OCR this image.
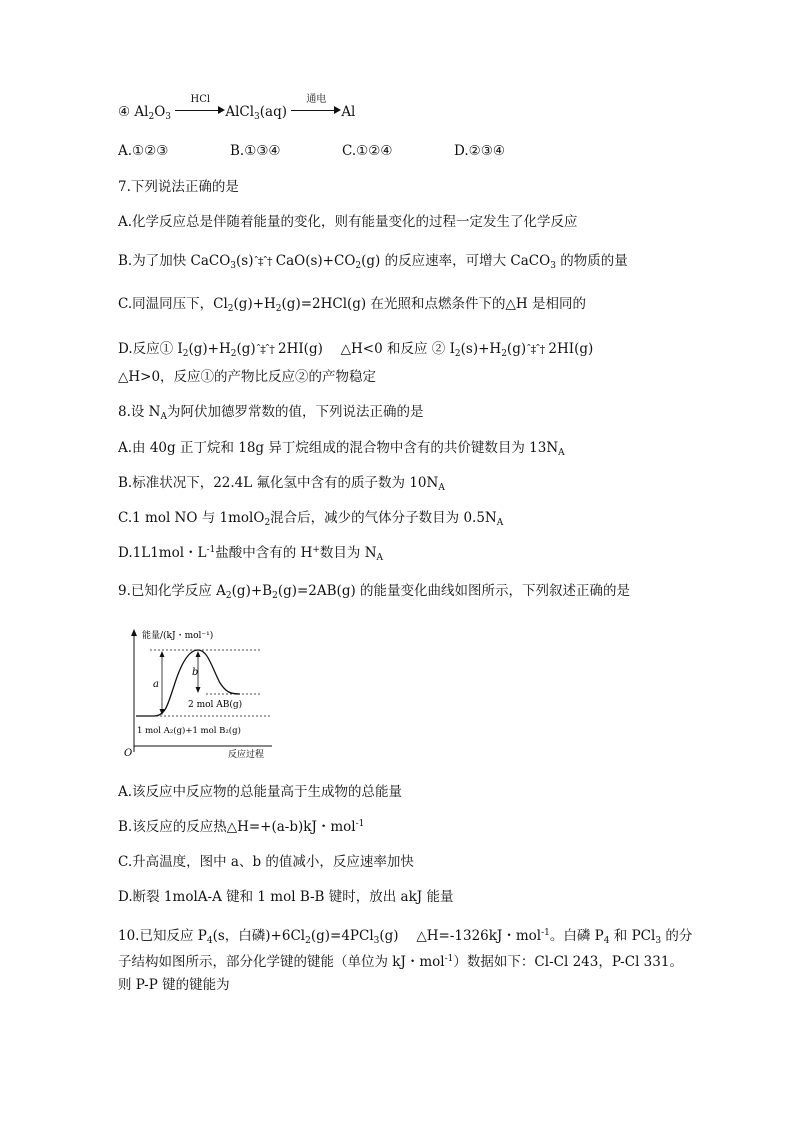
④ $Al_2O_3$
HCl
AlCl$_3$(aq)
通电
Al
A.①②③	B.①③④	C.①②④	D.②③④
7.下列说法正确的是
A.化学反应总是伴随着能量的变化，则有能量变化的过程一定发生了化学反应
B.为了加快 CaCO$_3$(s)ˆ‡ˆ† $CaO(s)+CO_2(g)$ 的反应速率，可增大 CaCO$_3$ 的物质的量
C.同温同压下，$Cl_2(g)+H_2(g)=2HCl(g)$ 在光照和点燃条件下的△H 是相同的
D.反应① $I_2(g)+H_2(g)ˆ\ddagger ˆ\dagger$ 2HI(g)　 △H<0 和反应 ② $I_2(s)+H_2(g)ˆ\ddagger ˆ\dagger$ 2HI(g)
△H>0，反应①的产物比反应②的产物稳定
8.设 $N_A$为阿伏加德罗常数的值，下列说法正确的是
A.由 40g 正丁烷和 18g 异丁烷组成的混合物中含有的共价键数目为 $13N_A$
B.标准状况下，22.4L 氟化氢中含有的质子数为 $10N_A$
C.1 mol NO 与 1molO$_2$混合后，减少的气体分子数目为 $0.5N_A$
D.1L1mol・$L^{-1}$盐酸中含有的 H+数目为 $N_A$
9.已知化学反应 $A_2(g)+B_2(g)=2AB(g)$ 的能量变化曲线如图所示，下列叙述正确的是
能量/(kJ・mol⁻¹)
O	反应过程
a
b
2 mol AB(g)
1 mol A₂(g)+1 mol B₂(g)
A.该反应中反应物的总能量高于生成物的总能量
B.该反应的反应热△H=+(a-b)kJ・mol$^{-1}$
C.升高温度，图中 a、b 的值减小，反应速率加快
D.断裂 1molA-A 键和 1 mol B-B 键时，放出 akJ 能量
10.已知反应 $P_4(s$，白磷)$+6Cl_2(g)=4PCl_3(g)$　 △H=-1326kJ・mol$^{-1}$。白磷 $P_4$ 和 PCl$_3$ 的分
子结构如图所示，部分化学键的键能（单位为 kJ・mol$^{-1}$）数据如下：Cl-Cl 243，P-Cl 331。
则 P-P 键的键能为
